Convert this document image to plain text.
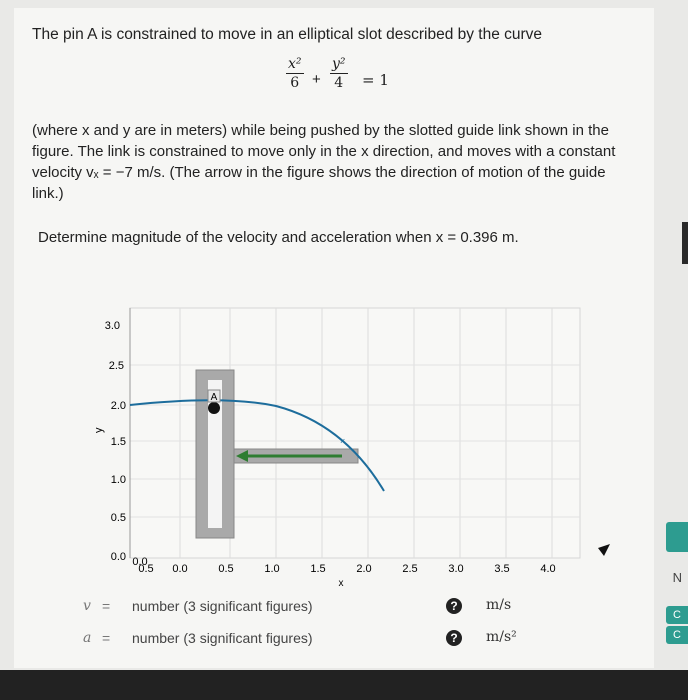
The pin A is constrained to move in an elliptical slot described by the curve
x²
6 +
y²
4 = 1
(where x and y are in meters) while being pushed by the slotted guide link shown in the
figure. The link is constrained to move only in the x direction, and moves with a constant
velocity vₓ = −7 m/s. (The arrow in the figure shows the direction of motion of the guide
link.)
Determine magnitude of the velocity and acceleration when x = 0.396 m.
A
×
3.0
2.5
2.0
1.5
1.0
0.5
0.0
y
0.0
0.5 0.0	0.5	1.0	1.5	2.0	2.5	3.0	3.5	4.0
x
v =
number (3 significant figures)	?	m/s
a =
number (3 significant figures)	?	m/s²
N
C
C
